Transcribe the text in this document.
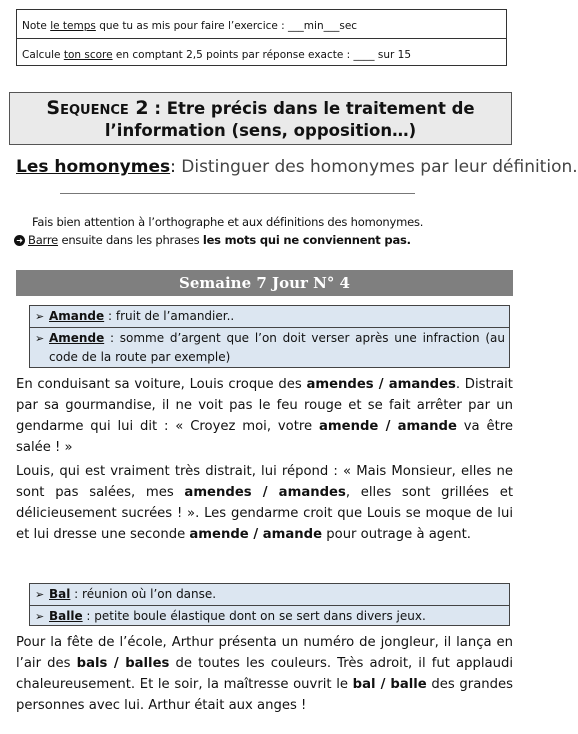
Note le temps que tu as mis pour faire l’exercice : ___min___sec
Calcule ton score en comptant 2,5 points par réponse exacte : ____ sur 15
Sequence 2 : Etre précis dans le traitement de
l’information (sens, opposition…)
Les homonymes: Distinguer des homonymes par leur définition.
Fais bien attention à l’orthographe et aux définitions des homonymes.
➜ Barre ensuite dans les phrases les mots qui ne conviennent pas.
Semaine 7 Jour N° 4
➢ Amande : fruit de l’amandier..
➢ Amende : somme d’argent que l’on doit verser après une infraction (au code de la route par exemple)
En conduisant sa voiture, Louis croque des amendes / amandes. Distrait par sa gourmandise, il ne voit pas le feu rouge et se fait arrêter par un gendarme qui lui dit : « Croyez moi, votre amende / amande va être salée ! »
Louis, qui est vraiment très distrait, lui répond : « Mais Monsieur, elles ne sont pas salées, mes amendes / amandes, elles sont grillées et délicieusement sucrées ! ». Les gendarme croit que Louis se moque de lui et lui dresse une seconde amende / amande pour outrage à agent.
➢ Bal : réunion où l’on danse.
➢ Balle : petite boule élastique dont on se sert dans divers jeux.
Pour la fête de l’école, Arthur présenta un numéro de jongleur, il lança en l’air des bals / balles de toutes les couleurs. Très adroit, il fut applaudi chaleureusement. Et le soir, la maîtresse ouvrit le bal / balle des grandes personnes avec lui. Arthur était aux anges !
